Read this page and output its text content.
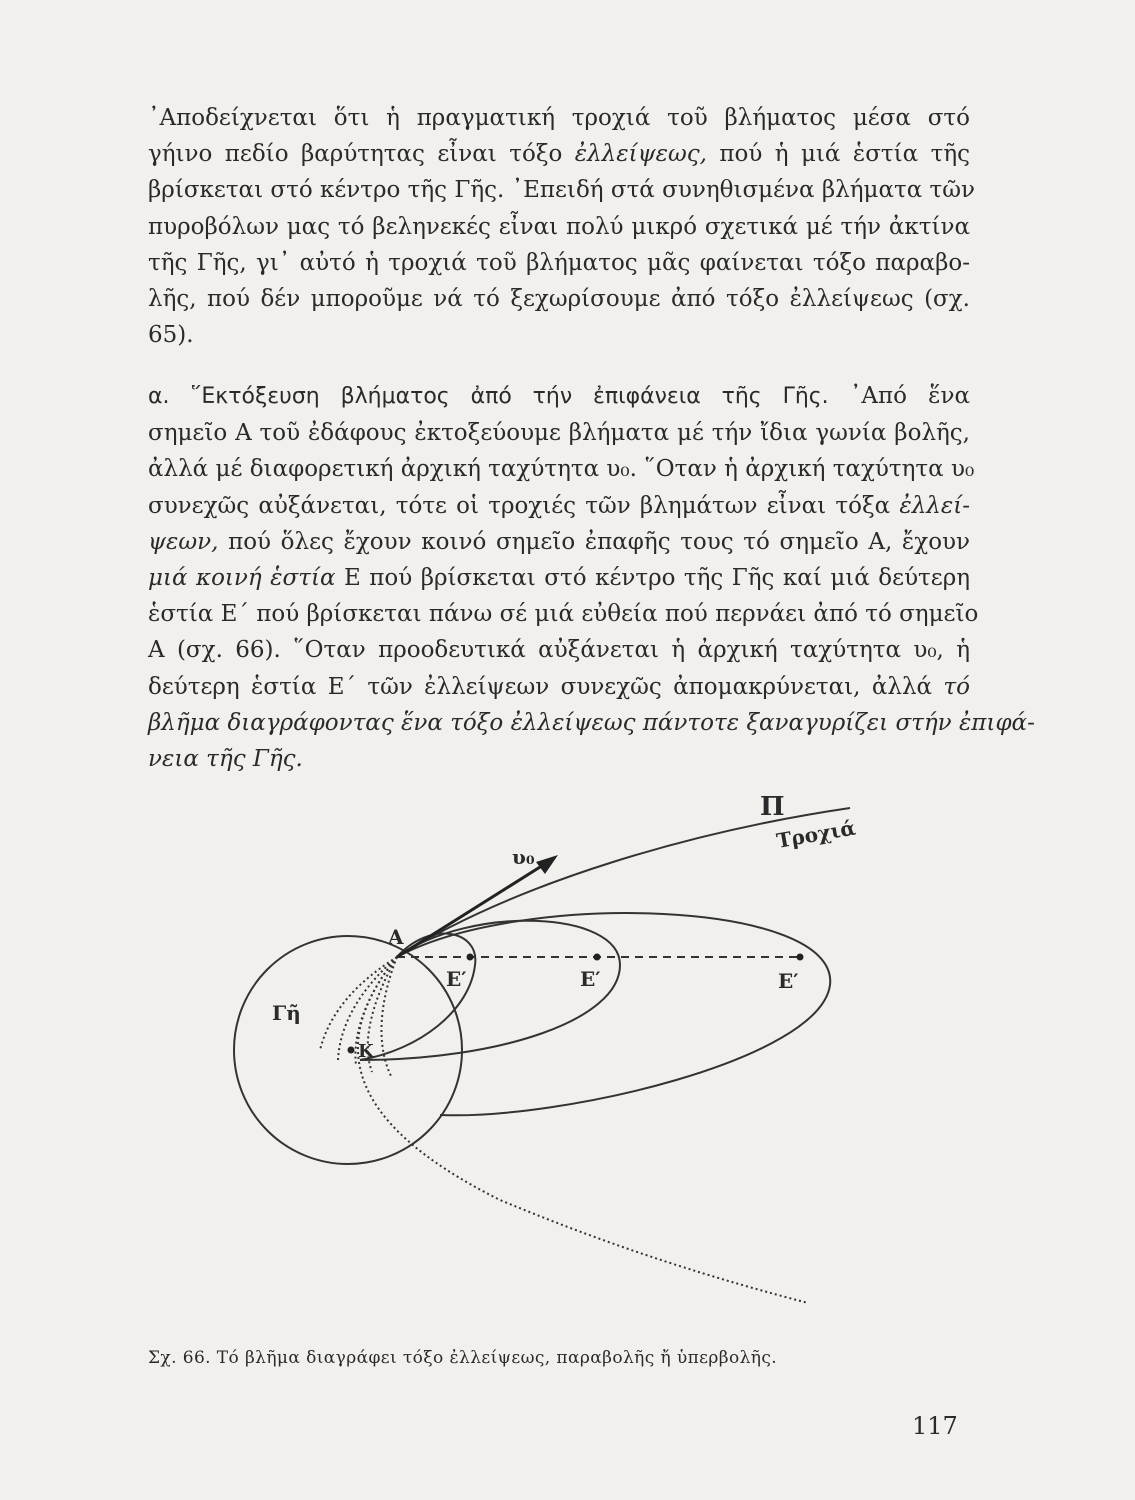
᾿Αποδείχνεται ὅτι ἡ πραγματική τροχιά τοῦ βλήματος μέσα στό
γήινο πεδίο βαρύτητας εἶναι τόξο ἐλλείψεως, πού ἡ μιά ἑστία τῆς
βρίσκεται στό κέντρο τῆς Γῆς. ᾿Επειδή στά συνηθισμένα βλήματα τῶν
πυροβόλων μας τό βεληνεκές εἶναι πολύ μικρό σχετικά μέ τήν ἀκτίνα
τῆς Γῆς, γι᾿ αὐτό ἡ τροχιά τοῦ βλήματος μᾶς φαίνεται τόξο παραβο-
λῆς, πού δέν μποροῦμε νά τό ξεχωρίσουμε ἀπό τόξο ἐλλείψεως (σχ.
65).

α. ῞Εκτόξευση βλήματος ἀπό τήν ἐπιφάνεια τῆς Γῆς. ᾿Από ἕνα
σημεῖο Α τοῦ ἐδάφους ἐκτοξεύουμε βλήματα μέ τήν ἴδια γωνία βολῆς,
ἀλλά μέ διαφορετική ἀρχική ταχύτητα υ₀. ῞Οταν ἡ ἀρχική ταχύτητα υ₀
συνεχῶς αὐξάνεται, τότε οἱ τροχιές τῶν βλημάτων εἶναι τόξα ἐλλεί-
ψεων, πού ὅλες ἔχουν κοινό σημεῖο ἐπαφῆς τους τό σημεῖο Α, ἔχουν
μιά κοινή ἑστία Ε πού βρίσκεται στό κέντρο τῆς Γῆς καί μιά δεύτερη
ἑστία Ε΄ πού βρίσκεται πάνω σέ μιά εὐθεία πού περνάει ἀπό τό σημεῖο
Α (σχ. 66). ῞Οταν προοδευτικά αὐξάνεται ἡ ἀρχική ταχύτητα υ₀, ἡ
δεύτερη ἑστία Ε΄ τῶν ἐλλείψεων συνεχῶς ἀπομακρύνεται, ἀλλά τό
βλῆμα διαγράφοντας ἕνα τόξο ἐλλείψεως πάντοτε ξαναγυρίζει στήν ἐπιφά-
νεια τῆς Γῆς.

Π
Τροχιά
υ₀
Α
Ε′	Ε′	Ε′
Γῆ
Κ
Σχ. 66. Τό βλῆμα διαγράφει τόξο ἐλλείψεως, παραβολῆς ἤ ὑπερβολῆς.
117
